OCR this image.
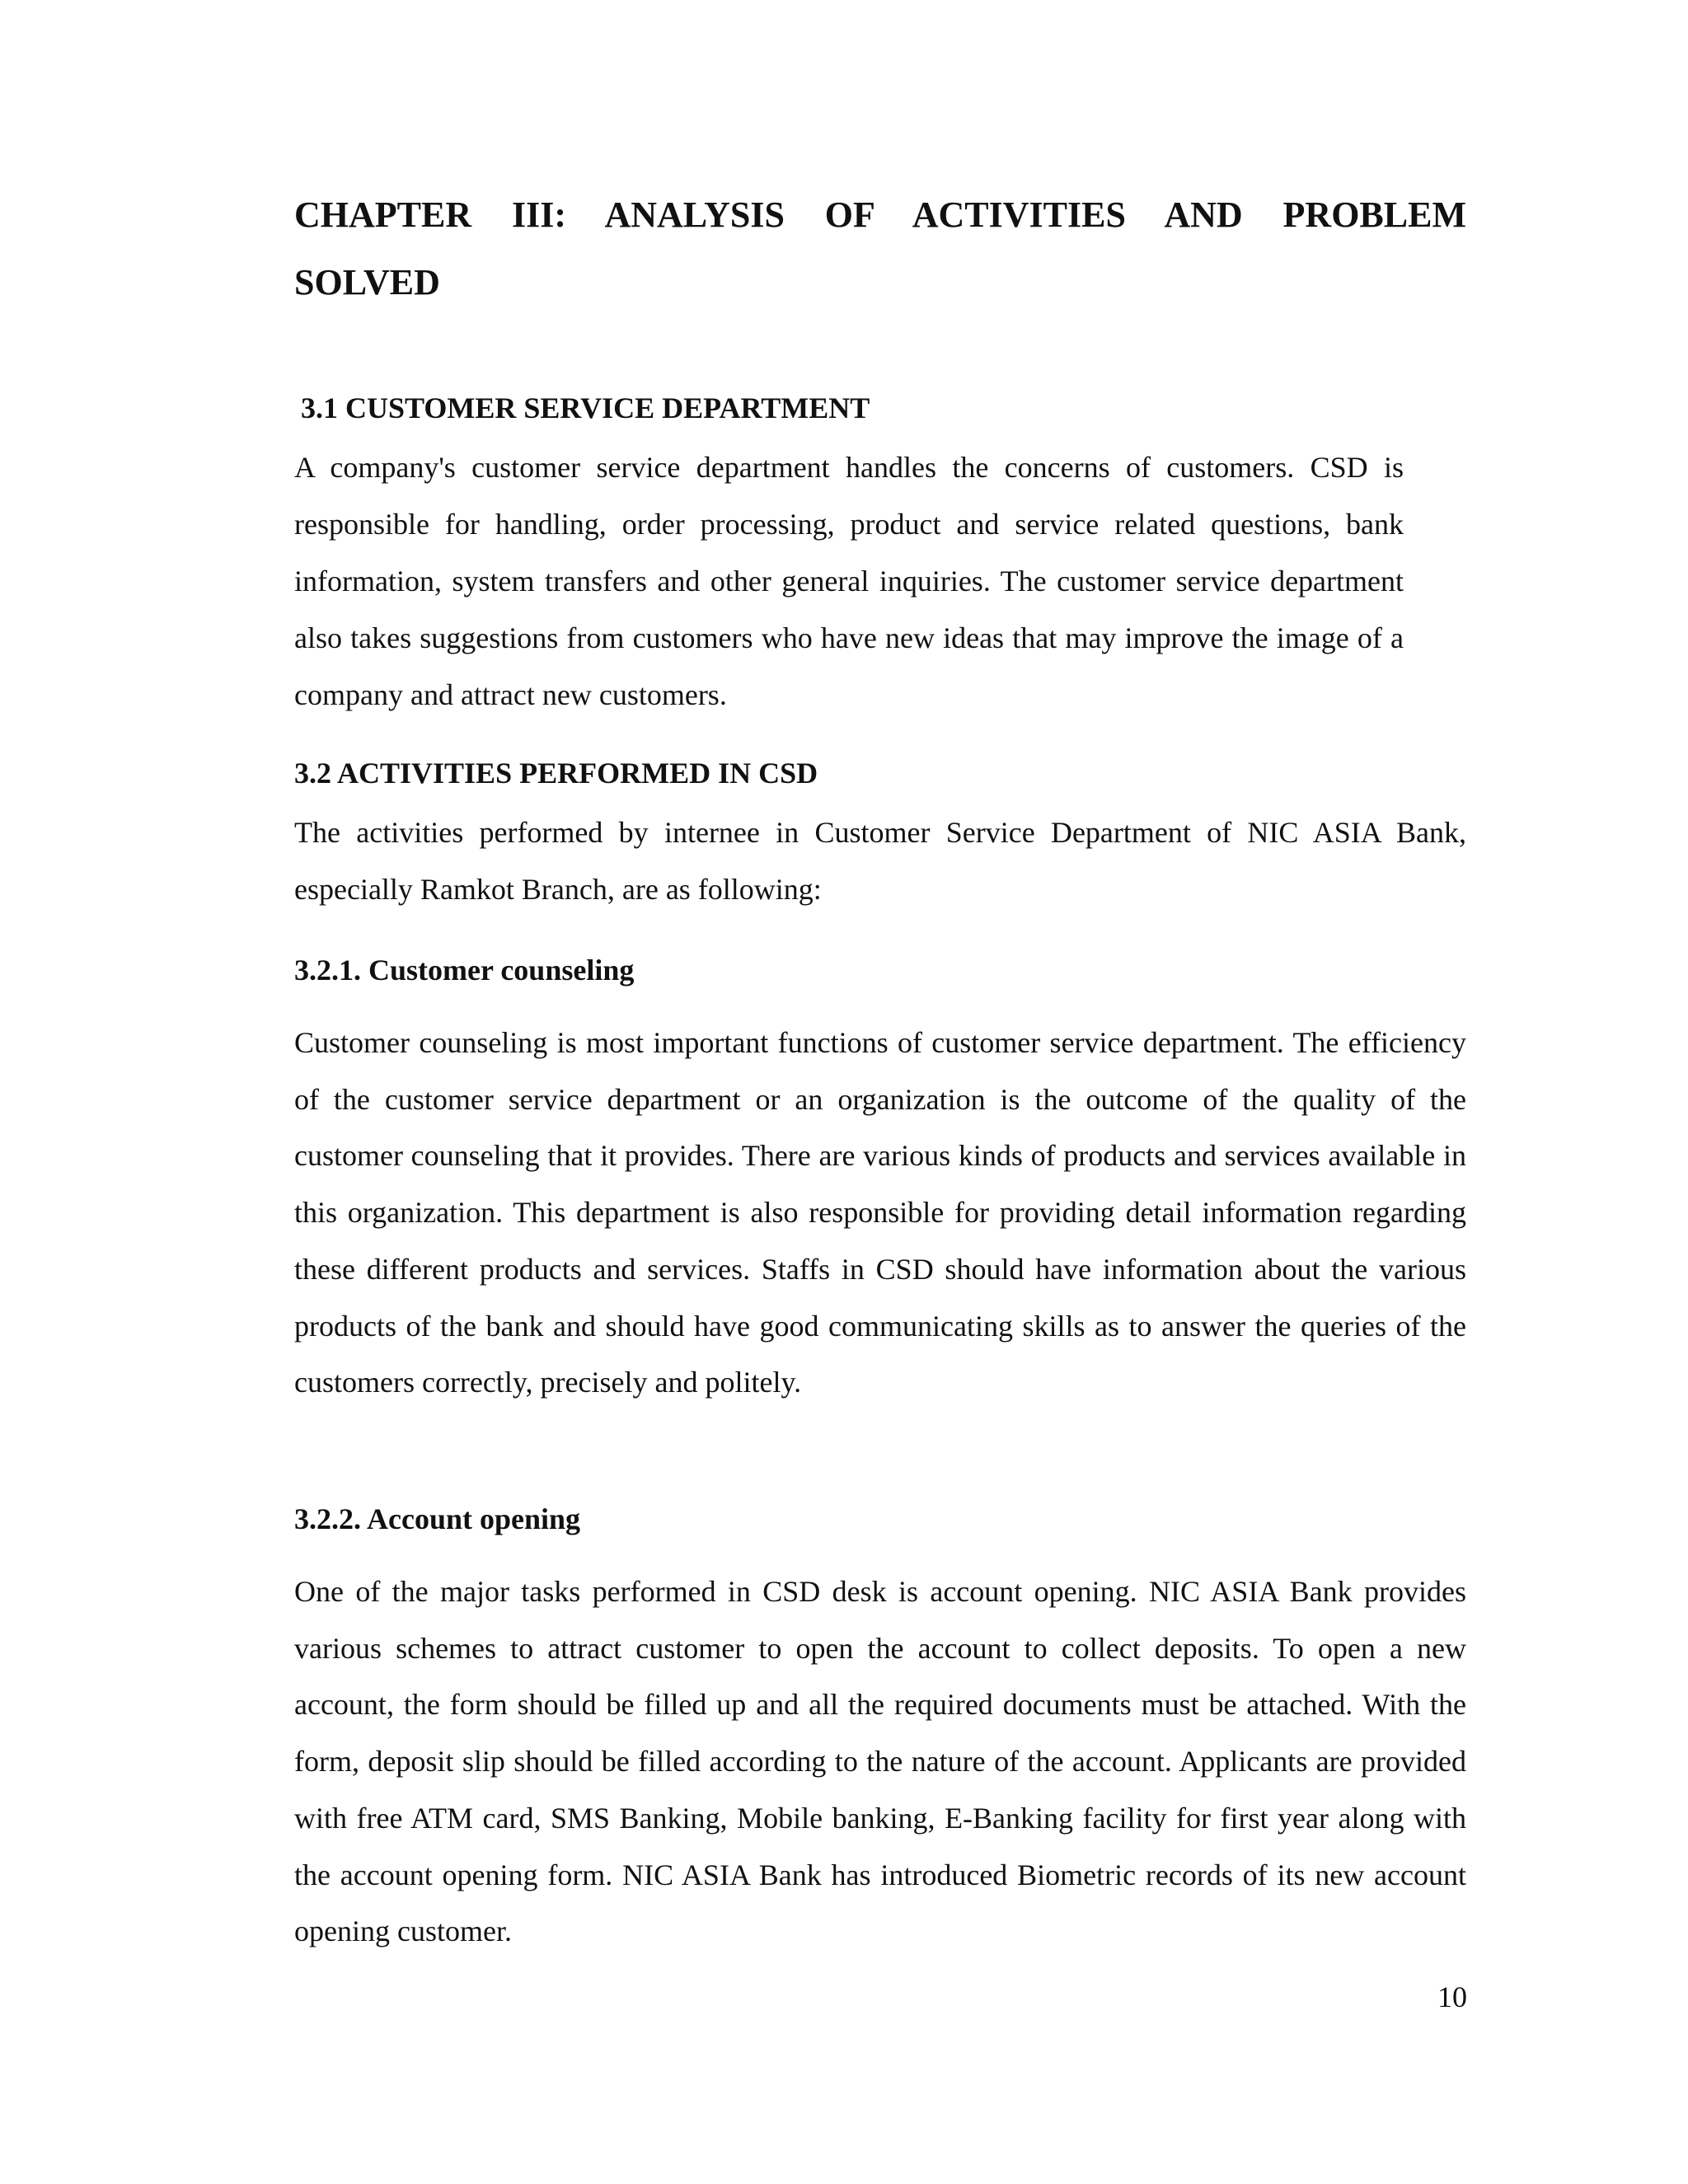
CHAPTER III: ANALYSIS OF ACTIVITIES AND PROBLEM SOLVED
3.1 CUSTOMER SERVICE DEPARTMENT

A company's customer service department handles the concerns of customers. CSD is responsible for handling, order processing, product and service related questions, bank information, system transfers and other general inquiries. The customer service department also takes suggestions from customers who have new ideas that may improve the image of a company and attract new customers.

3.2 ACTIVITIES PERFORMED IN CSD

The activities performed by internee in Customer Service Department of NIC ASIA Bank, especially Ramkot Branch, are as following:

3.2.1. Customer counseling

Customer counseling is most important functions of customer service department. The efficiency of the customer service department or an organization is the outcome of the quality of the customer counseling that it provides. There are various kinds of products and services available in this organization. This department is also responsible for providing detail information regarding these different products and services. Staffs in CSD should have information about the various products of the bank and should have good communicating skills as to answer the queries of the customers correctly, precisely and politely.

3.2.2. Account opening

One of the major tasks performed in CSD desk is account opening. NIC ASIA Bank provides various schemes to attract customer to open the account to collect deposits. To open a new account, the form should be filled up and all the required documents must be attached. With the form, deposit slip should be filled according to the nature of the account. Applicants are provided with free ATM card, SMS Banking, Mobile banking, E-Banking facility for first year along with the account opening form. NIC ASIA Bank has introduced Biometric records of its new account opening customer.

10
